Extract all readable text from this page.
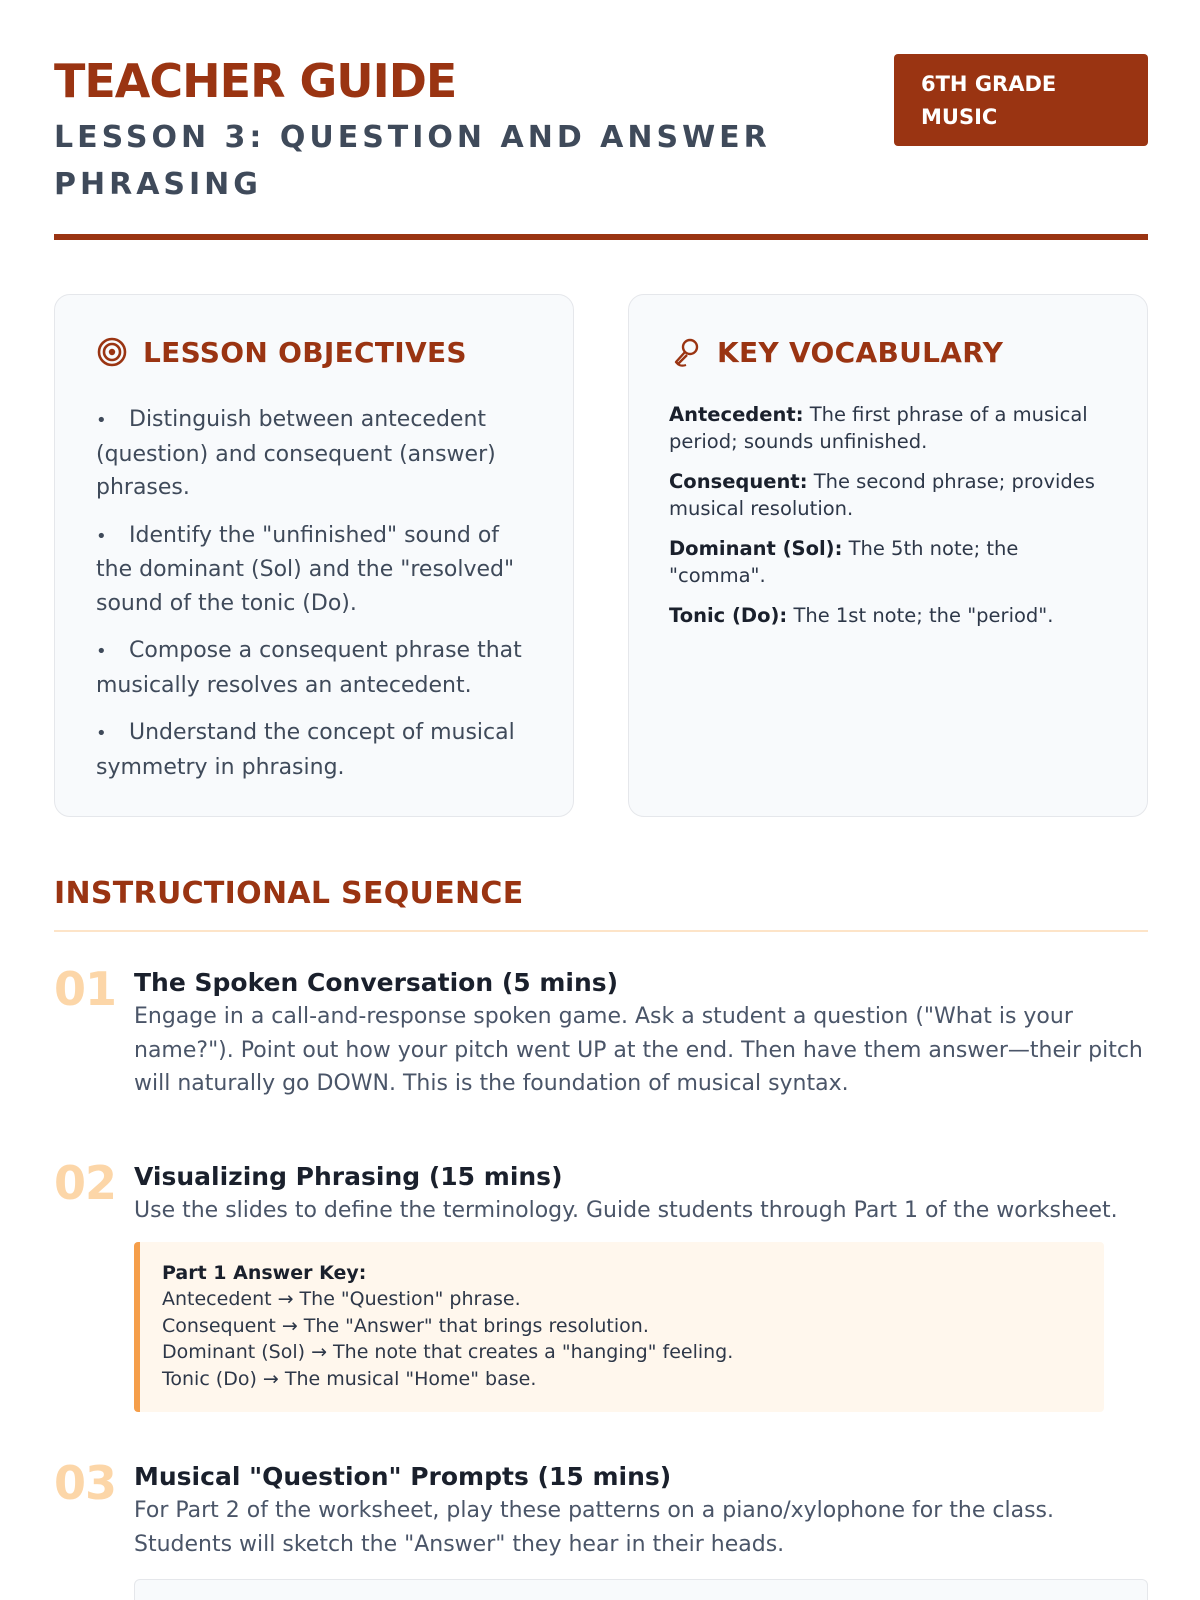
TEACHER GUIDE
LESSON 3: QUESTION AND ANSWER PHRASING
6TH GRADE MUSIC
LESSON OBJECTIVES
• Distinguish between antecedent (question) and consequent (answer) phrases.
• Identify the "unfinished" sound of the dominant (Sol) and the "resolved" sound of the tonic (Do).
• Compose a consequent phrase that musically resolves an antecedent.
• Understand the concept of musical symmetry in phrasing.
KEY VOCABULARY

Antecedent: The first phrase of a musical period; sounds unfinished.

Consequent: The second phrase; provides musical resolution.

Dominant (Sol): The 5th note; the "comma".

Tonic (Do): The 1st note; the "period".

INSTRUCTIONAL SEQUENCE
01 The Spoken Conversation (5 mins)
Engage in a call-and-response spoken game. Ask a student a question ("What is your name?"). Point out how your pitch went UP at the end. Then have them answer—their pitch will naturally go DOWN. This is the foundation of musical syntax.
02 Visualizing Phrasing (15 mins)
Use the slides to define the terminology. Guide students through Part 1 of the worksheet.
Part 1 Answer Key:
Antecedent → The "Question" phrase.
Consequent → The "Answer" that brings resolution.
Dominant (Sol) → The note that creates a "hanging" feeling.
Tonic (Do) → The musical "Home" base.
03 Musical "Question" Prompts (15 mins)
For Part 2 of the worksheet, play these patterns on a piano/xylophone for the class. Students will sketch the "Answer" they hear in their heads.
